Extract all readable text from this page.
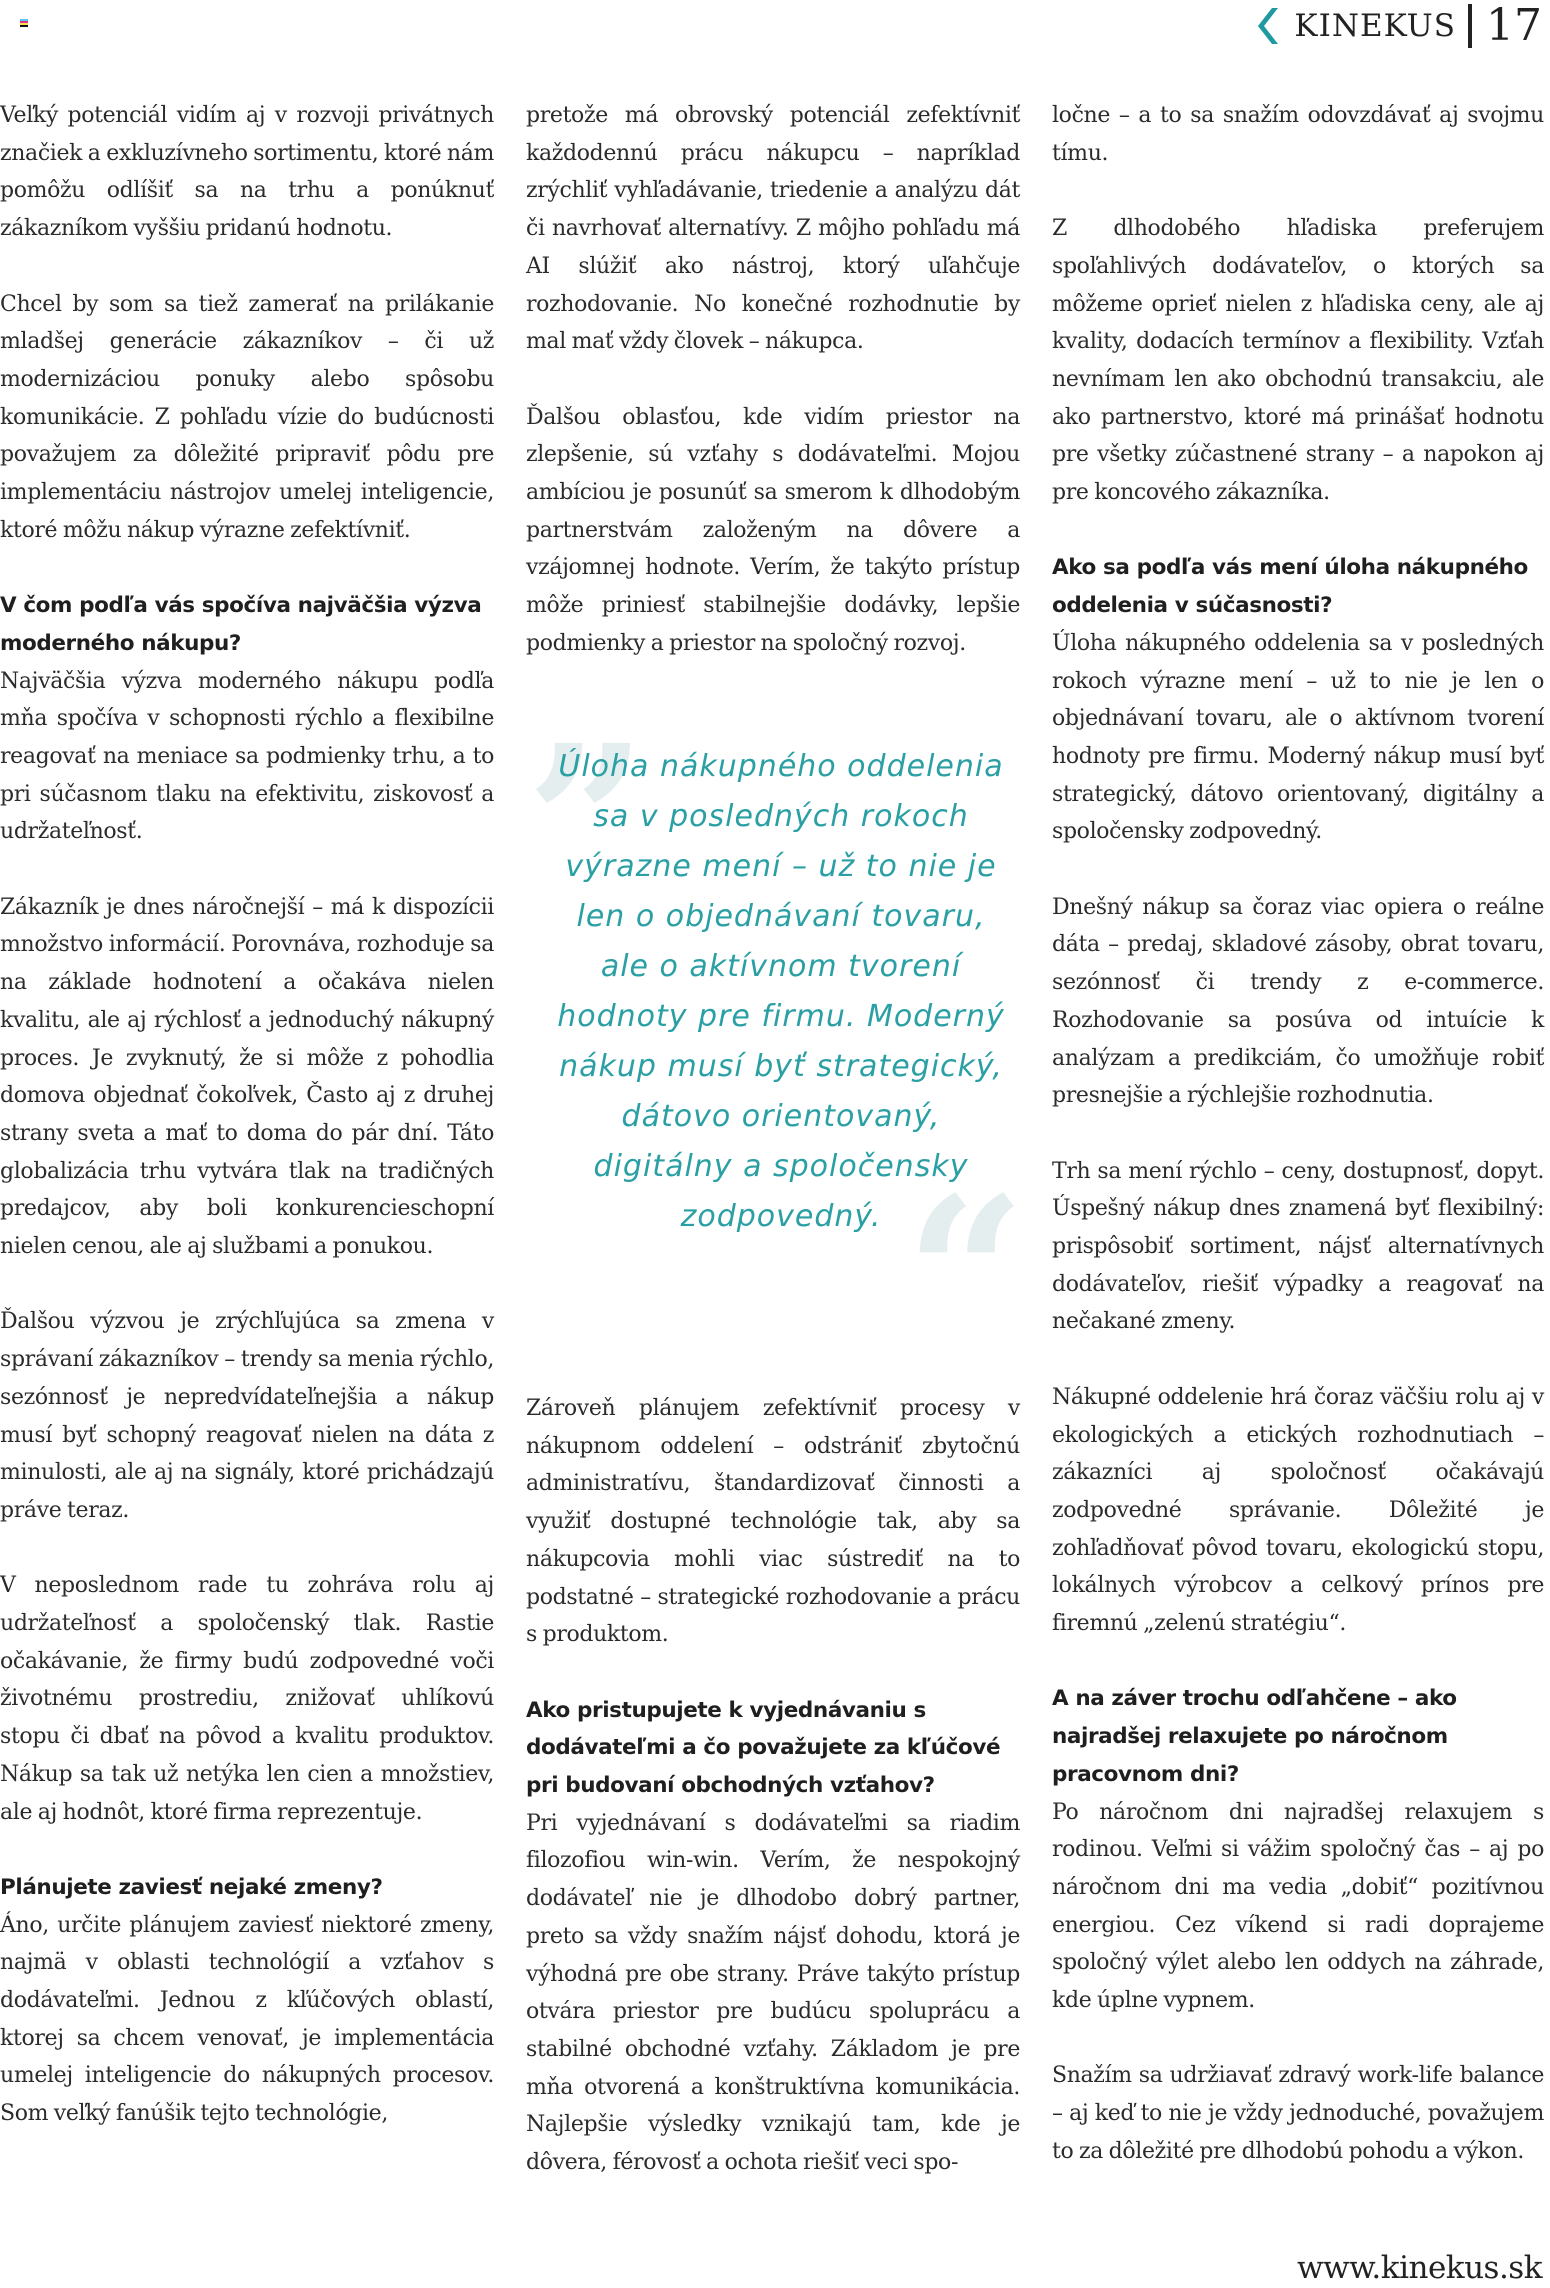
KINEKUS 17

Veľký potenciál vidím aj v rozvoji privátnych značiek a exkluzívneho sortimentu, ktoré nám pomôžu odlíšiť sa na trhu a ponúknuť zákazníkom vyššiu pridanú hodnotu.

Chcel by som sa tiež zamerať na prilákanie mladšej generácie zákazníkov – či už modernizáciou ponuky alebo spôsobu komunikácie. Z pohľadu vízie do budúcnosti považujem za dôležité pripraviť pôdu pre implementáciu nástrojov umelej inteligencie, ktoré môžu nákup výrazne zefektívniť.

V čom podľa vás spočíva najväčšia výzva moderného nákupu?

Najväčšia výzva moderného nákupu podľa mňa spočíva v schopnosti rýchlo a flexibilne reagovať na meniace sa podmienky trhu, a to pri súčasnom tlaku na efektivitu, ziskovosť a udržateľnosť.

Zákazník je dnes náročnejší – má k dispozícii množstvo informácií. Porovnáva, rozhoduje sa na základe hodnotení a očakáva nielen kvalitu, ale aj rýchlosť a jednoduchý nákupný proces. Je zvyknutý, že si môže z pohodlia domova objednať čokoľvek, Často aj z druhej strany sveta a mať to doma do pár dní. Táto globalizácia trhu vytvára tlak na tradičných predajcov, aby boli konkurencieschopní nielen cenou, ale aj službami a ponukou.

Ďalšou výzvou je zrýchľujúca sa zmena v správaní zákazníkov – trendy sa menia rýchlo, sezónnosť je nepredvídateľnejšia a nákup musí byť schopný reagovať nielen na dáta z minulosti, ale aj na signály, ktoré prichádzajú práve teraz.

V neposlednom rade tu zohráva rolu aj udržateľnosť a spoločenský tlak. Rastie očakávanie, že firmy budú zodpovedné voči životnému prostrediu, znižovať uhlíkovú stopu či dbať na pôvod a kvalitu produktov. Nákup sa tak už netýka len cien a množstiev, ale aj hodnôt, ktoré firma reprezentuje.

Plánujete zaviesť nejaké zmeny?

Áno, určite plánujem zaviesť niektoré zmeny, najmä v oblasti technológií a vzťahov s dodávateľmi. Jednou z kľúčových oblastí, ktorej sa chcem venovať, je implementácia umelej inteligencie do nákupných procesov. Som veľký fanúšik tejto technológie,

pretože má obrovský potenciál zefektívniť každodennú prácu nákupcu – napríklad zrýchliť vyhľadávanie, triedenie a analýzu dát či navrhovať alternatívy. Z môjho pohľadu má AI slúžiť ako nástroj, ktorý uľahčuje rozhodovanie. No konečné rozhodnutie by mal mať vždy človek – nákupca.

Ďalšou oblasťou, kde vidím priestor na zlepšenie, sú vzťahy s dodávateľmi. Mojou ambíciou je posunúť sa smerom k dlhodobým partnerstvám založeným na dôvere a vzájomnej hodnote. Verím, že takýto prístup môže priniesť stabilnejšie dodávky, lepšie podmienky a priestor na spoločný rozvoj.

”
“
Úloha nákupného oddelenia sa v posledných rokoch výrazne mení – už to nie je len o objednávaní tovaru, ale o aktívnom tvorení hodnoty pre firmu. Moderný nákup musí byť strategický, dátovo orientovaný, digitálny a spoločensky zodpovedný.

Zároveň plánujem zefektívniť procesy v nákupnom oddelení – odstrániť zbytočnú administratívu, štandardizovať činnosti a využiť dostupné technológie tak, aby sa nákupcovia mohli viac sústrediť na to podstatné – strategické rozhodovanie a prácu s produktom.

Ako pristupujete k vyjednávaniu s dodávateľmi a čo považujete za kľúčové pri budovaní obchodných vzťahov?

Pri vyjednávaní s dodávateľmi sa riadim filozofiou win-win. Verím, že nespokojný dodávateľ nie je dlhodobo dobrý partner, preto sa vždy snažím nájsť dohodu, ktorá je výhodná pre obe strany. Práve takýto prístup otvára priestor pre budúcu spoluprácu a stabilné obchodné vzťahy. Základom je pre mňa otvorená a konštruktívna komunikácia. Najlepšie výsledky vznikajú tam, kde je dôvera, férovosť a ochota riešiť veci spo-

ločne – a to sa snažím odovzdávať aj svojmu tímu.

Z dlhodobého hľadiska preferujem spoľahlivých dodávateľov, o ktorých sa môžeme oprieť nielen z hľadiska ceny, ale aj kvality, dodacích termínov a flexibility. Vzťah nevnímam len ako obchodnú transakciu, ale ako partnerstvo, ktoré má prinášať hodnotu pre všetky zúčastnené strany – a napokon aj pre koncového zákazníka.

Ako sa podľa vás mení úloha nákupného oddelenia v súčasnosti?

Úloha nákupného oddelenia sa v posledných rokoch výrazne mení – už to nie je len o objednávaní tovaru, ale o aktívnom tvorení hodnoty pre firmu. Moderný nákup musí byť strategický, dátovo orientovaný, digitálny a spoločensky zodpovedný.

Dnešný nákup sa čoraz viac opiera o reálne dáta – predaj, skladové zásoby, obrat tovaru, sezónnosť či trendy z e-commerce. Rozhodovanie sa posúva od intuície k analýzam a predikciám, čo umožňuje robiť presnejšie a rýchlejšie rozhodnutia.

Trh sa mení rýchlo – ceny, dostupnosť, dopyt. Úspešný nákup dnes znamená byť flexibilný: prispôsobiť sortiment, nájsť alternatívnych dodávateľov, riešiť výpadky a reagovať na nečakané zmeny.

Nákupné oddelenie hrá čoraz väčšiu rolu aj v ekologických a etických rozhodnutiach – zákazníci aj spoločnosť očakávajú zodpovedné správanie. Dôležité je zohľadňovať pôvod tovaru, ekologickú stopu, lokálnych výrobcov a celkový prínos pre firemnú „zelenú stratégiu“.

A na záver trochu odľahčene – ako najradšej relaxujete po náročnom pracovnom dni?

Po náročnom dni najradšej relaxujem s rodinou. Veľmi si vážim spoločný čas – aj po náročnom dni ma vedia „dobiť“ pozitívnou energiou. Cez víkend si radi doprajeme spoločný výlet alebo len oddych na záhrade, kde úplne vypnem.

Snažím sa udržiavať zdravý work-life balance – aj keď to nie je vždy jednoduché, považujem to za dôležité pre dlhodobú pohodu a výkon.

www.kinekus.sk
